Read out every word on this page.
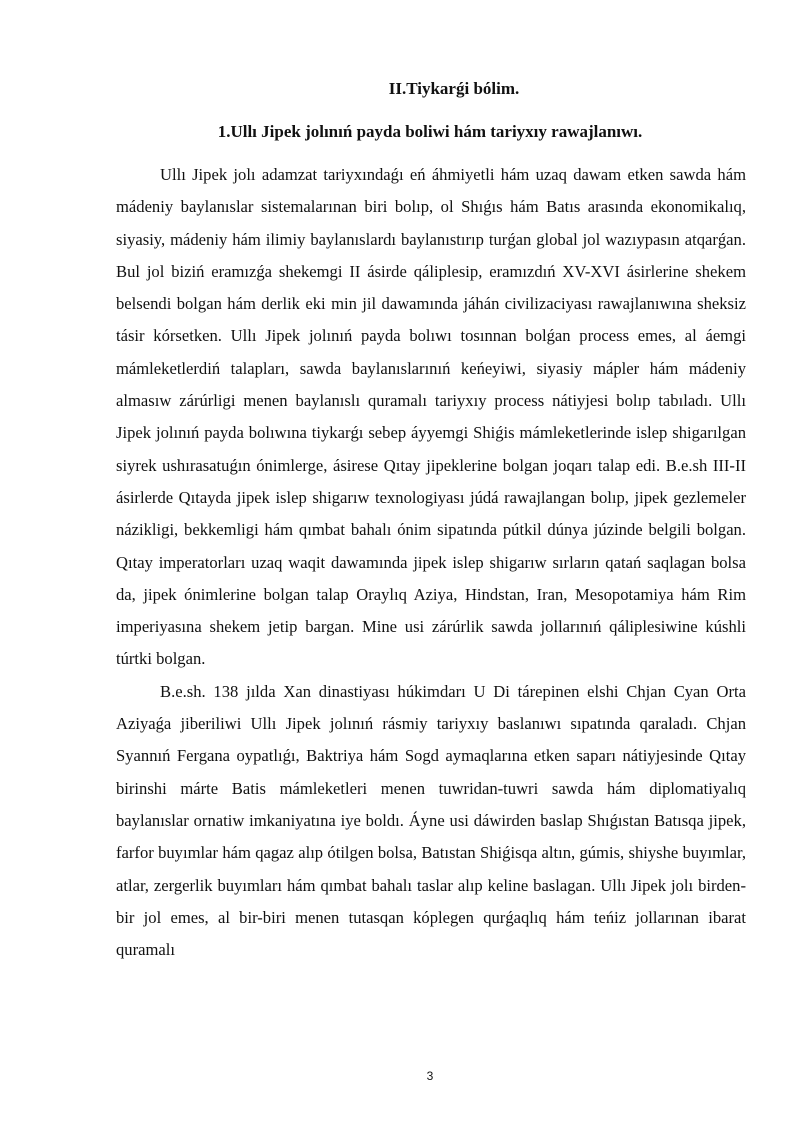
II.Tiykarǵi bólim.
1.Ullı Jipek jolınıń payda boliwi hám tariyxıy rawajlanıwı.

Ullı Jipek jolı adamzat tariyxındaǵı eń áhmiyetli hám uzaq dawam etken sawda hám mádeniy baylanıslar sistemalarınan biri bolıp, ol Shıǵıs hám Batıs arasında ekonomikalıq, siyasiy, mádeniy hám ilimiy baylanıslardı baylanıstırıp turǵan global jol wazıypasın atqarǵan. Bul jol biziń eramızǵa shekemgi II ásirde qáliplesip, eramızdıń XV-XVI ásirlerine shekem belsendi bolgan hám derlik eki min jil dawamında jáhán civilizaciyası rawajlanıwına sheksiz tásir kórsetken. Ullı Jipek jolınıń payda bolıwı tosınnan bolǵan process emes, al áemgi mámleketlerdiń talapları, sawda baylanıslarınıń keńeyiwi, siyasiy mápler hám mádeniy almasıw zárúrligi menen baylanıslı quramalı tariyxıy process nátiyjesi bolıp tabıladı. Ullı Jipek jolınıń payda bolıwına tiykarǵı sebep áyyemgi Shiǵis mámleketlerinde islep shigarılgan siyrek ushırasatuǵın ónimlerge, ásirese Qıtay jipeklerine bolgan joqarı talap edi. B.e.sh III-II ásirlerde Qıtayda jipek islep shigarıw texnologiyası júdá rawajlangan bolıp, jipek gezlemeler názikligi, bekkemligi hám qımbat bahalı ónim sipatında pútkil dúnya júzinde belgili bolgan. Qıtay imperatorları uzaq waqit dawamında jipek islep shigarıw sırların qatań saqlagan bolsa da, jipek ónimlerine bolgan talap Oraylıq Aziya, Hindstan, Iran, Mesopotamiya hám Rim imperiyasına shekem jetip bargan. Mine usi zárúrlik sawda jollarınıń qáliplesiwine kúshli túrtki bolgan.

B.e.sh. 138 jılda Xan dinastiyası húkimdarı U Di tárepinen elshi Chjan Cyan Orta Aziyaǵa jiberiliwi Ullı Jipek jolınıń rásmiy tariyxıy baslanıwı sıpatında qaraladı. Chjan Syannıń Fergana oypatlıǵı, Baktriya hám Sogd aymaqlarına etken saparı nátiyjesinde Qıtay birinshi márte Batis mámleketleri menen tuwridan-tuwri sawda hám diplomatiyalıq baylanıslar ornatiw imkaniyatına iye boldı. Áyne usi dáwirden baslap Shıǵıstan Batısqa jipek, farfor buyımlar hám qagaz alıp ótilgen bolsa, Batıstan Shiǵisqa altın, gúmis, shiyshe buyımlar, atlar, zergerlik buyımları hám qımbat bahalı taslar alıp keline baslagan. Ullı Jipek jolı birden-bir jol emes, al bir-biri menen tutasqan kóplegen qurǵaqlıq hám teńiz jollarınan ibarat quramalı

3
